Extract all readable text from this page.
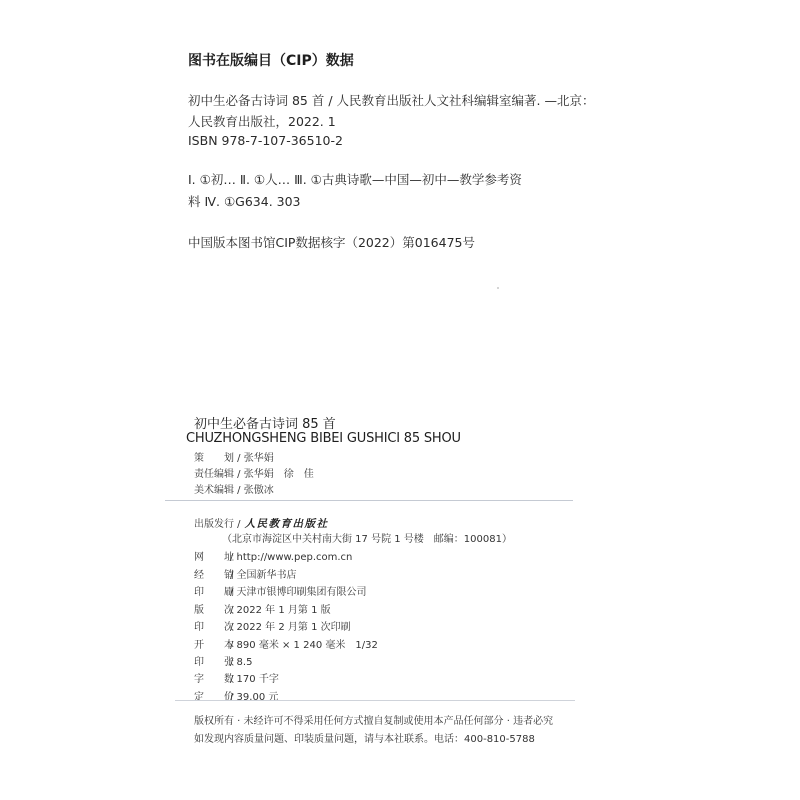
图书在版编目（CIP）数据
初中生必备古诗词 85 首 / 人民教育出版社人文社科编辑室编著. —北京：
人民教育出版社，2022. 1
ISBN 978-7-107-36510-2
Ⅰ. ①初… Ⅱ. ①人… Ⅲ. ①古典诗歌—中国—初中—教学参考资
料 Ⅳ. ①G634. 303
中国版本图书馆CIP数据核字（2022）第016475号
初中生必备古诗词 85 首
CHUZHONGSHENG BIBEI GUSHICI 85 SHOU
策　　划 / 张华娟
责任编辑 / 张华娟　徐　佳
美术编辑 / 张傲冰
出版发行 / 人民教育出版社
（北京市海淀区中关村南大街 17 号院 1 号楼　邮编：100081）
网　　址/ http://www.pep.com.cn
经　　销/ 全国新华书店
印　　刷/ 天津市银博印刷集团有限公司
版　　次/ 2022 年 1 月第 1 版
印　　次/ 2022 年 2 月第 1 次印刷
开　　本/ 890 毫米 × 1 240 毫米　1/32
印　　张/ 8.5
字　　数/ 170 千字
定　　价/ 39.00 元
版权所有 · 未经许可不得采用任何方式擅自复制或使用本产品任何部分 · 违者必究
如发现内容质量问题、印装质量问题，请与本社联系。电话：400-810-5788
